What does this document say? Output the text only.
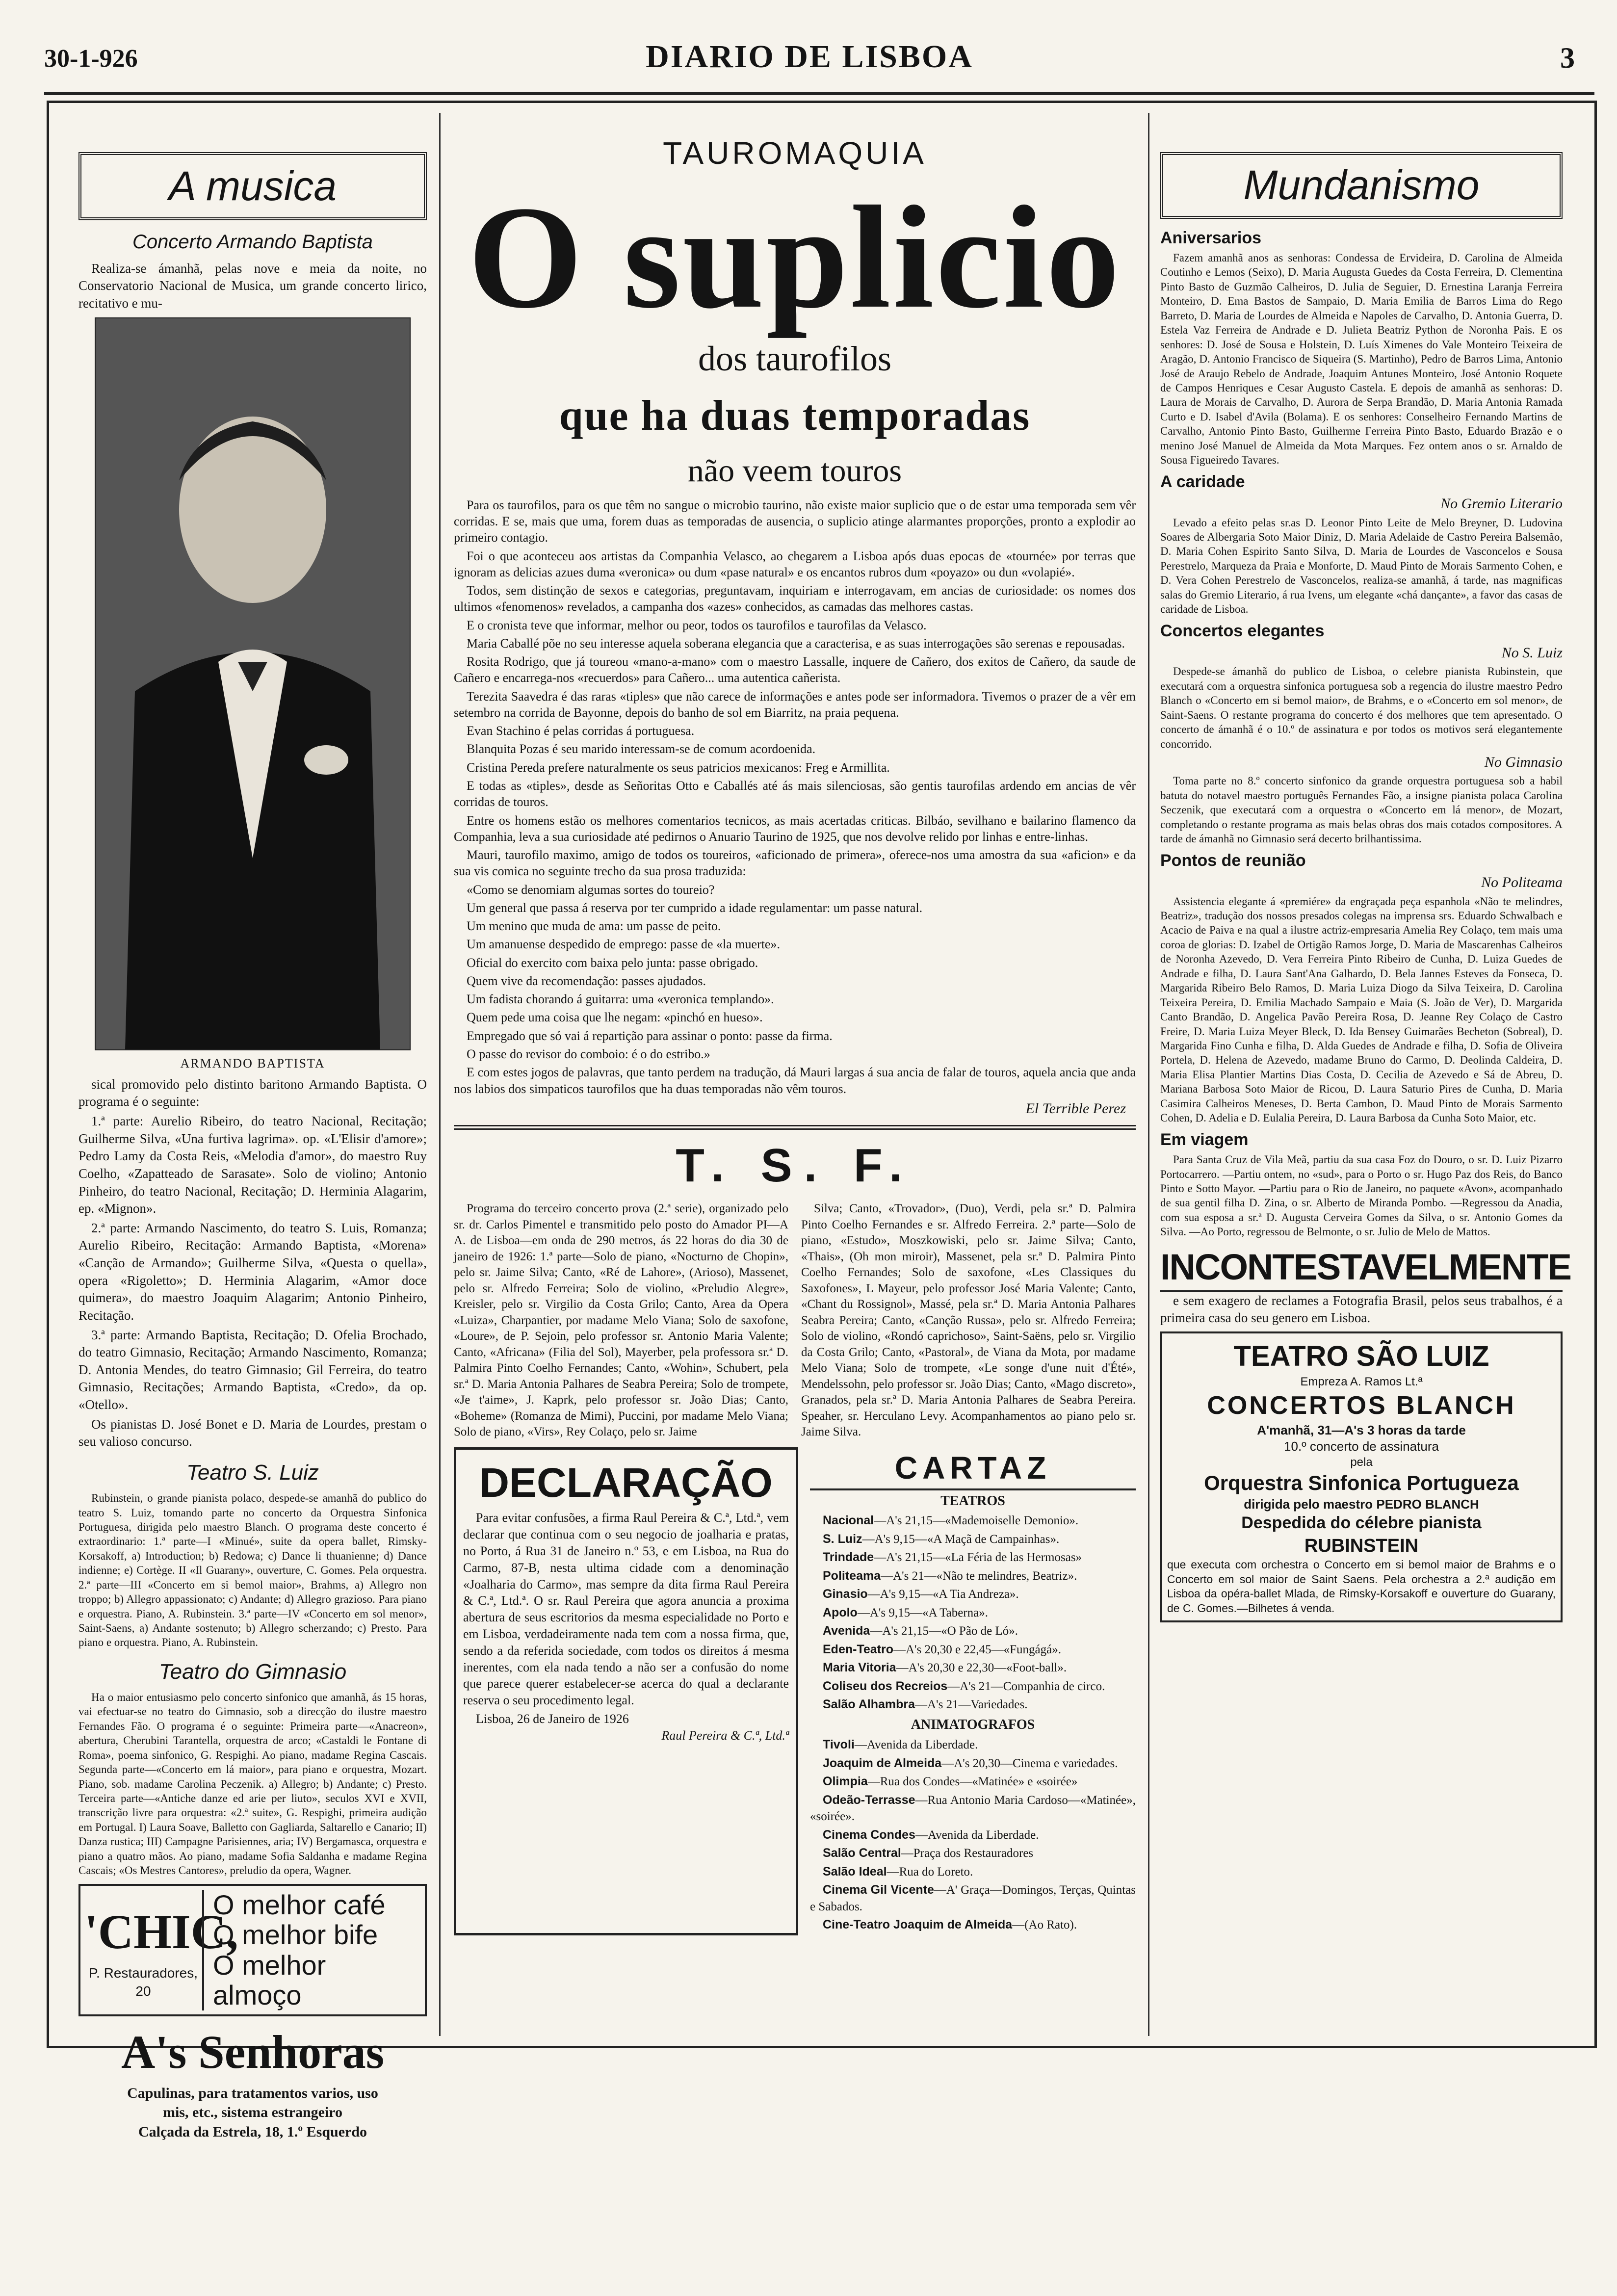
30-1-926	DIARIO DE LISBOA	3
A musica
Concerto Armando Baptista

Realiza-se ámanhã, pelas nove e meia da noite, no Conservatorio Nacional de Musica, um grande concerto lirico, recitativo e mu-

ARMANDO BAPTISTA

sical promovido pelo distinto baritono Armando Baptista. O programa é o seguinte:

1.ª parte: Aurelio Ribeiro, do teatro Nacional, Recitação; Guilherme Silva, «Una furtiva lagrima». op. «L'Elisir d'amore»; Pedro Lamy da Costa Reis, «Melodia d'amor», do maestro Ruy Coelho, «Zapatteado de Sarasate». Solo de violino; Antonio Pinheiro, do teatro Nacional, Recitação; D. Herminia Alagarim, ep. «Mignon».

2.ª parte: Armando Nascimento, do teatro S. Luis, Romanza; Aurelio Ribeiro, Recitação: Armando Baptista, «Morena» «Canção de Armando»; Guilherme Silva, «Questa o quella», opera «Rigoletto»; D. Herminia Alagarim, «Amor doce quimera», do maestro Joaquim Alagarim; Antonio Pinheiro, Recitação.

3.ª parte: Armando Baptista, Recitação; D. Ofelia Brochado, do teatro Gimnasio, Recitação; Armando Nascimento, Romanza; D. Antonia Mendes, do teatro Gimnasio; Gil Ferreira, do teatro Gimnasio, Recitações; Armando Baptista, «Credo», da op. «Otello».

Os pianistas D. José Bonet e D. Maria de Lourdes, prestam o seu valioso concurso.

Teatro S. Luiz

Rubinstein, o grande pianista polaco, despede-se amanhã do publico do teatro S. Luiz, tomando parte no concerto da Orquestra Sinfonica Portuguesa, dirigida pelo maestro Blanch. O programa deste concerto é extraordinario: 1.ª parte—I «Minué», suite da opera ballet, Rimsky-Korsakoff, a) Introduction; b) Redowa; c) Dance li thuanienne; d) Dance indienne; e) Cortège. II «Il Guarany», ouverture, C. Gomes. Pela orquestra. 2.ª parte—III «Concerto em si bemol maior», Brahms, a) Allegro non troppo; b) Allegro appassionato; c) Andante; d) Allegro grazioso. Para piano e orquestra. Piano, A. Rubinstein. 3.ª parte—IV «Concerto em sol menor», Saint-Saens, a) Andante sostenuto; b) Allegro scherzando; c) Presto. Para piano e orquestra. Piano, A. Rubinstein.

Teatro do Gimnasio

Ha o maior entusiasmo pelo concerto sinfonico que amanhã, ás 15 horas, vai efectuar-se no teatro do Gimnasio, sob a direcção do ilustre maestro Fernandes Fão. O programa é o seguinte: Primeira parte—«Anacreon», abertura, Cherubini Tarantella, orquestra de arco; «Castaldi le Fontane di Roma», poema sinfonico, G. Respighi. Ao piano, madame Regina Cascais. Segunda parte—«Concerto em lá maior», para piano e orquestra, Mozart. Piano, sob. madame Carolina Peczenik. a) Allegro; b) Andante; c) Presto. Terceira parte—«Antiche danze ed arie per liuto», seculos XVI e XVII, transcrição livre para orquestra: «2.ª suite», G. Respighi, primeira audição em Portugal. I) Laura Soave, Balletto con Gagliarda, Saltarello e Canario; II) Danza rustica; III) Campagne Parisiennes, aria; IV) Bergamasca, orquestra e piano a quatro mãos. Ao piano, madame Sofia Saldanha e madame Regina Cascais; «Os Mestres Cantores», preludio da opera, Wagner.

'CHIC,
P. Restauradores, 20
O melhor café
O melhor bife
O melhor almoço
A's Senhoras
Capulinas, para tratamentos varios, uso
mis, etc., sistema estrangeiro
Calçada da Estrela, 18, 1.º Esquerdo
TAUROMAQUIA
O suplicio
dos taurofilos
que ha duas temporadas
não veem touros

Para os taurofilos, para os que têm no sangue o microbio taurino, não existe maior suplicio que o de estar uma temporada sem vêr corridas. E se, mais que uma, forem duas as temporadas de ausencia, o suplicio atinge alarmantes proporções, pronto a explodir ao primeiro contagio.

Foi o que aconteceu aos artistas da Companhia Velasco, ao chegarem a Lisboa após duas epocas de «tournée» por terras que ignoram as delicias azues duma «veronica» ou dum «pase natural» e os encantos rubros dum «poyazo» ou dun «volapié».

Todos, sem distinção de sexos e categorias, preguntavam, inquiriam e interrogavam, em ancias de curiosidade: os nomes dos ultimos «fenomenos» revelados, a campanha dos «azes» conhecidos, as camadas das melhores castas.

E o cronista teve que informar, melhor ou peor, todos os taurofilos e taurofilas da Velasco.

Maria Caballé põe no seu interesse aquela soberana elegancia que a caracterisa, e as suas interrogações são serenas e repousadas.

Rosita Rodrigo, que já toureou «mano-a-mano» com o maestro Lassalle, inquere de Cañero, dos exitos de Cañero, da saude de Cañero e encarrega-nos «recuerdos» para Cañero... uma autentica cañerista.

Terezita Saavedra é das raras «tiples» que não carece de informações e antes pode ser informadora. Tivemos o prazer de a vêr em setembro na corrida de Bayonne, depois do banho de sol em Biarritz, na praia pequena.

Evan Stachino é pelas corridas á portuguesa.

Blanquita Pozas é seu marido interessam-se de comum acordoenida.

Cristina Pereda prefere naturalmente os seus patricios mexicanos: Freg e Armillita.

E todas as «tiples», desde as Señoritas Otto e Caballés até ás mais silenciosas, são gentis taurofilas ardendo em ancias de vêr corridas de touros.

Entre os homens estão os melhores comentarios tecnicos, as mais acertadas criticas. Bilbáo, sevilhano e bailarino flamenco da Companhia, leva a sua curiosidade até pedirnos o Anuario Taurino de 1925, que nos devolve relido por linhas e entre-linhas.

Mauri, taurofilo maximo, amigo de todos os toureiros, «aficionado de primera», oferece-nos uma amostra da sua «aficion» e da sua vis comica no seguinte trecho da sua prosa traduzida:

«Como se denomiam algumas sortes do toureio?

Um general que passa á reserva por ter cumprido a idade regulamentar: um passe natural.

Um menino que muda de ama: um passe de peito.

Um amanuense despedido de emprego: passe de «la muerte».

Oficial do exercito com baixa pelo junta: passe obrigado.

Quem vive da recomendação: passes ajudados.

Um fadista chorando á guitarra: uma «veronica templando».

Quem pede uma coisa que lhe negam: «pinchó en hueso».

Empregado que só vai á repartição para assinar o ponto: passe da firma.

O passe do revisor do comboio: é o do estribo.»

E com estes jogos de palavras, que tanto perdem na tradução, dá Mauri largas á sua ancia de falar de touros, aquela ancia que anda nos labios dos simpaticos taurofilos que ha duas temporadas não vêm touros.

El Terrible Perez
T. S. F.

Programa do terceiro concerto prova (2.ª serie), organizado pelo sr. dr. Carlos Pimentel e transmitido pelo posto do Amador PI—A A. de Lisboa—em onda de 290 metros, ás 22 horas do dia 30 de janeiro de 1926: 1.ª parte—Solo de piano, «Nocturno de Chopin», pelo sr. Jaime Silva; Canto, «Ré de Lahore», (Arioso), Massenet, pelo sr. Alfredo Ferreira; Solo de violino, «Preludio Alegre», Kreisler, pelo sr. Virgilio da Costa Grilo; Canto, Area da Opera «Luiza», Charpantier, por madame Melo Viana; Solo de saxofone, «Loure», de P. Sejoin, pelo professor sr. Antonio Maria Valente; Canto, «Africana» (Filia del Sol), Mayerber, pela professora sr.ª D. Palmira Pinto Coelho Fernandes; Canto, «Wohin», Schubert, pela sr.ª D. Maria Antonia Palhares de Seabra Pereira; Solo de trompete, «Je t'aime», J. Kaprk, pelo professor sr. João Dias; Canto, «Boheme» (Romanza de Mimi), Puccini, por madame Melo Viana; Solo de piano, «Virs», Rey Colaço, pelo sr. Jaime

Silva; Canto, «Trovador», (Duo), Verdi, pela sr.ª D. Palmira Pinto Coelho Fernandes e sr. Alfredo Ferreira. 2.ª parte—Solo de piano, «Estudo», Moszkowiski, pelo sr. Jaime Silva; Canto, «Thais», (Oh mon miroir), Massenet, pela sr.ª D. Palmira Pinto Coelho Fernandes; Solo de saxofone, «Les Classiques du Saxofones», L Mayeur, pelo professor José Maria Valente; Canto, «Chant du Rossignol», Massé, pela sr.ª D. Maria Antonia Palhares Seabra Pereira; Canto, «Canção Russa», pelo sr. Alfredo Ferreira; Solo de violino, «Rondó caprichoso», Saint-Saëns, pelo sr. Virgilio da Costa Grilo; Canto, «Pastoral», de Viana da Mota, por madame Melo Viana; Solo de trompete, «Le songe d'une nuit d'Été», Mendelssohn, pelo professor sr. João Dias; Canto, «Mago discreto», Granados, pela sr.ª D. Maria Antonia Palhares de Seabra Pereira. Speaher, sr. Herculano Levy. Acompanhamentos ao piano pelo sr. Jaime Silva.

DECLARAÇÃO

Para evitar confusões, a firma Raul Pereira & C.ª, Ltd.ª, vem declarar que continua com o seu negocio de joalharia e pratas, no Porto, á Rua 31 de Janeiro n.º 53, e em Lisboa, na Rua do Carmo, 87-B, nesta ultima cidade com a denominação «Joalharia do Carmo», mas sempre da dita firma Raul Pereira & C.ª, Ltd.ª. O sr. Raul Pereira que agora anuncia a proxima abertura de seus escritorios da mesma especialidade no Porto e em Lisboa, verdadeiramente nada tem com a nossa firma, que, sendo a da referida sociedade, com todos os direitos á mesma inerentes, com ela nada tendo a não ser a confusão do nome que parece querer estabelecer-se acerca do qual a declarante reserva o seu procedimento legal.

Lisboa, 26 de Janeiro de 1926
Raul Pereira & C.ª, Ltd.ª
CARTAZ
TEATROS

Nacional—A's 21,15—«Mademoiselle Demonio».

S. Luiz—A's 9,15—«A Maçã de Campainhas».

Trindade—A's 21,15—«La Féria de las Hermosas»

Politeama—A's 21—«Não te melindres, Beatriz».

Ginasio—A's 9,15—«A Tia Andreza».

Apolo—A's 9,15—«A Taberna».

Avenida—A's 21,15—«O Pão de Ló».

Eden-Teatro—A's 20,30 e 22,45—«Fungágá».

Maria Vitoria—A's 20,30 e 22,30—«Foot-ball».

Coliseu dos Recreios—A's 21—Companhia de circo.

Salão Alhambra—A's 21—Variedades.

ANIMATOGRAFOS

Tivoli—Avenida da Liberdade.

Joaquim de Almeida—A's 20,30—Cinema e variedades.

Olimpia—Rua dos Condes—«Matinée» e «soirée»

Odeão-Terrasse—Rua Antonio Maria Cardoso—«Matinée», «soirée».

Cinema Condes—Avenida da Liberdade.

Salão Central—Praça dos Restauradores

Salão Ideal—Rua do Loreto.

Cinema Gil Vicente—A' Graça—Domingos, Terças, Quintas e Sabados.

Cine-Teatro Joaquim de Almeida—(Ao Rato).

Mundanismo
Aniversarios

Fazem amanhã anos as senhoras: Condessa de Ervideira, D. Carolina de Almeida Coutinho e Lemos (Seixo), D. Maria Augusta Guedes da Costa Ferreira, D. Clementina Pinto Basto de Guzmão Calheiros, D. Julia de Seguier, D. Ernestina Laranja Ferreira Monteiro, D. Ema Bastos de Sampaio, D. Maria Emilia de Barros Lima do Rego Barreto, D. Maria de Lourdes de Almeida e Napoles de Carvalho, D. Antonia Guerra, D. Estela Vaz Ferreira de Andrade e D. Julieta Beatriz Python de Noronha Pais. E os senhores: D. José de Sousa e Holstein, D. Luís Ximenes do Vale Monteiro Teixeira de Aragão, D. Antonio Francisco de Siqueira (S. Martinho), Pedro de Barros Lima, Antonio José de Araujo Rebelo de Andrade, Joaquim Antunes Monteiro, José Antonio Roquete de Campos Henriques e Cesar Augusto Castela. E depois de amanhã as senhoras: D. Laura de Morais de Carvalho, D. Aurora de Serpa Brandão, D. Maria Antonia Ramada Curto e D. Isabel d'Avila (Bolama). E os senhores: Conselheiro Fernando Martins de Carvalho, Antonio Pinto Basto, Guilherme Ferreira Pinto Basto, Eduardo Brazão e o menino José Manuel de Almeida da Mota Marques. Fez ontem anos o sr. Arnaldo de Sousa Figueiredo Tavares.

A caridade
No Gremio Literario

Levado a efeito pelas sr.as D. Leonor Pinto Leite de Melo Breyner, D. Ludovina Soares de Albergaria Soto Maior Diniz, D. Maria Adelaide de Castro Pereira Balsemão, D. Maria Cohen Espirito Santo Silva, D. Maria de Lourdes de Vasconcelos e Sousa Perestrelo, Marqueza da Praia e Monforte, D. Maud Pinto de Morais Sarmento Cohen, e D. Vera Cohen Perestrelo de Vasconcelos, realiza-se amanhã, á tarde, nas magnificas salas do Gremio Literario, á rua Ivens, um elegante «chá dançante», a favor das casas de caridade de Lisboa.

Concertos elegantes
No S. Luiz

Despede-se ámanhã do publico de Lisboa, o celebre pianista Rubinstein, que executará com a orquestra sinfonica portuguesa sob a regencia do ilustre maestro Pedro Blanch o «Concerto em si bemol maior», de Brahms, e o «Concerto em sol menor», de Saint-Saens. O restante programa do concerto é dos melhores que tem apresentado. O concerto de ámanhã é o 10.º de assinatura e por todos os motivos será elegantemente concorrido.

No Gimnasio

Toma parte no 8.º concerto sinfonico da grande orquestra portuguesa sob a habil batuta do notavel maestro português Fernandes Fão, a insigne pianista polaca Carolina Seczenik, que executará com a orquestra o «Concerto em lá menor», de Mozart, completando o restante programa as mais belas obras dos mais cotados compositores. A tarde de ámanhã no Gimnasio será decerto brilhantissima.

Pontos de reunião
No Politeama

Assistencia elegante á «premiére» da engraçada peça espanhola «Não te melindres, Beatriz», tradução dos nossos presados colegas na imprensa srs. Eduardo Schwalbach e Acacio de Paiva e na qual a ilustre actriz-empresaria Amelia Rey Colaço, tem mais uma coroa de glorias: D. Izabel de Ortigão Ramos Jorge, D. Maria de Mascarenhas Calheiros de Noronha Azevedo, D. Vera Ferreira Pinto Ribeiro de Cunha, D. Luiza Guedes de Andrade e filha, D. Laura Sant'Ana Galhardo, D. Bela Jannes Esteves da Fonseca, D. Margarida Ribeiro Belo Ramos, D. Maria Luiza Diogo da Silva Teixeira, D. Carolina Teixeira Pereira, D. Emilia Machado Sampaio e Maia (S. João de Ver), D. Margarida Canto Brandão, D. Angelica Pavão Pereira Rosa, D. Jeanne Rey Colaço de Castro Freire, D. Maria Luiza Meyer Bleck, D. Ida Bensey Guimarães Becheton (Sobreal), D. Margarida Fino Cunha e filha, D. Alda Guedes de Andrade e filha, D. Sofia de Oliveira Portela, D. Helena de Azevedo, madame Bruno do Carmo, D. Deolinda Caldeira, D. Maria Elisa Plantier Martins Dias Costa, D. Cecilia de Azevedo e Sá de Abreu, D. Mariana Barbosa Soto Maior de Ricou, D. Laura Saturio Pires de Cunha, D. Maria Casimira Calheiros Meneses, D. Berta Cambon, D. Maud Pinto de Morais Sarmento Cohen, D. Adelia e D. Eulalia Pereira, D. Laura Barbosa da Cunha Soto Maior, etc.

Em viagem

Para Santa Cruz de Vila Meã, partiu da sua casa Foz do Douro, o sr. D. Luiz Pizarro Portocarrero. —Partiu ontem, no «sud», para o Porto o sr. Hugo Paz dos Reis, do Banco Pinto e Sotto Mayor. —Partiu para o Rio de Janeiro, no paquete «Avon», acompanhado de sua gentil filha D. Zina, o sr. Alberto de Miranda Pombo. —Regressou da Anadia, com sua esposa a sr.ª D. Augusta Cerveira Gomes da Silva, o sr. Antonio Gomes da Silva. —Ao Porto, regressou de Belmonte, o sr. Julio de Melo de Mattos.

INCONTESTAVELMENTE

e sem exagero de reclames a Fotografia Brasil, pelos seus trabalhos, é a primeira casa do seu genero em Lisboa.

TEATRO SÃO LUIZ
Empreza A. Ramos Lt.ª
CONCERTOS BLANCH
A'manhã, 31—A's 3 horas da tarde
10.º concerto de assinatura
pela
Orquestra Sinfonica Portugueza
dirigida pelo maestro PEDRO BLANCH
Despedida do célebre pianista
RUBINSTEIN
que executa com orchestra o Concerto em si bemol maior de Brahms e o Concerto em sol maior de Saint Saens. Pela orchestra a 2.ª audição em Lisboa da opéra-ballet Mlada, de Rimsky-Korsakoff e ouverture do Guarany, de C. Gomes.—Bilhetes á venda.
